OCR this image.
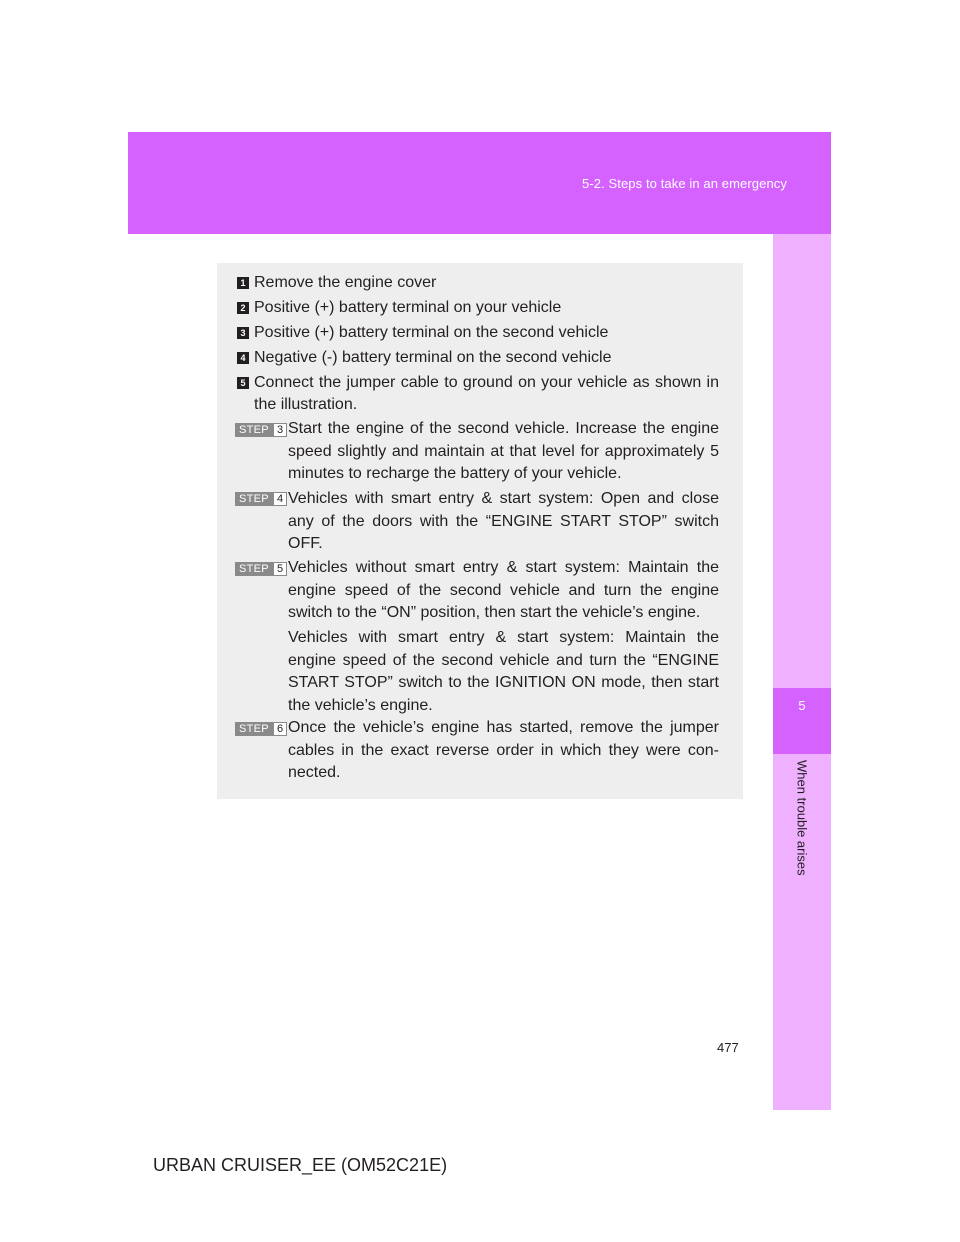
5-2. Steps to take in an emergency
5
When trouble arises
1 Remove the engine cover
2 Positive (+) battery terminal on your vehicle
3 Positive (+) battery terminal on the second vehicle
4 Negative (-) battery terminal on the second vehicle
5 Connect the jumper cable to ground on your vehicle as shown in
the illustration.
STEP 3 Start the engine of the second vehicle. Increase the engine
speed slightly and maintain at that level for approximately 5
minutes to recharge the battery of your vehicle.
STEP 4 Vehicles with smart entry & start system: Open and close
any of the doors with the “ENGINE START STOP” switch
OFF.
STEP 5 Vehicles without smart entry & start system: Maintain the
engine speed of the second vehicle and turn the engine
switch to the “ON” position, then start the vehicle’s engine.
Vehicles with smart entry & start system: Maintain the
engine speed of the second vehicle and turn the “ENGINE
START STOP” switch to the IGNITION ON mode, then start
the vehicle’s engine.
STEP 6 Once the vehicle’s engine has started, remove the jumper
cables in the exact reverse order in which they were con-
nected.
477
URBAN CRUISER_EE (OM52C21E)
